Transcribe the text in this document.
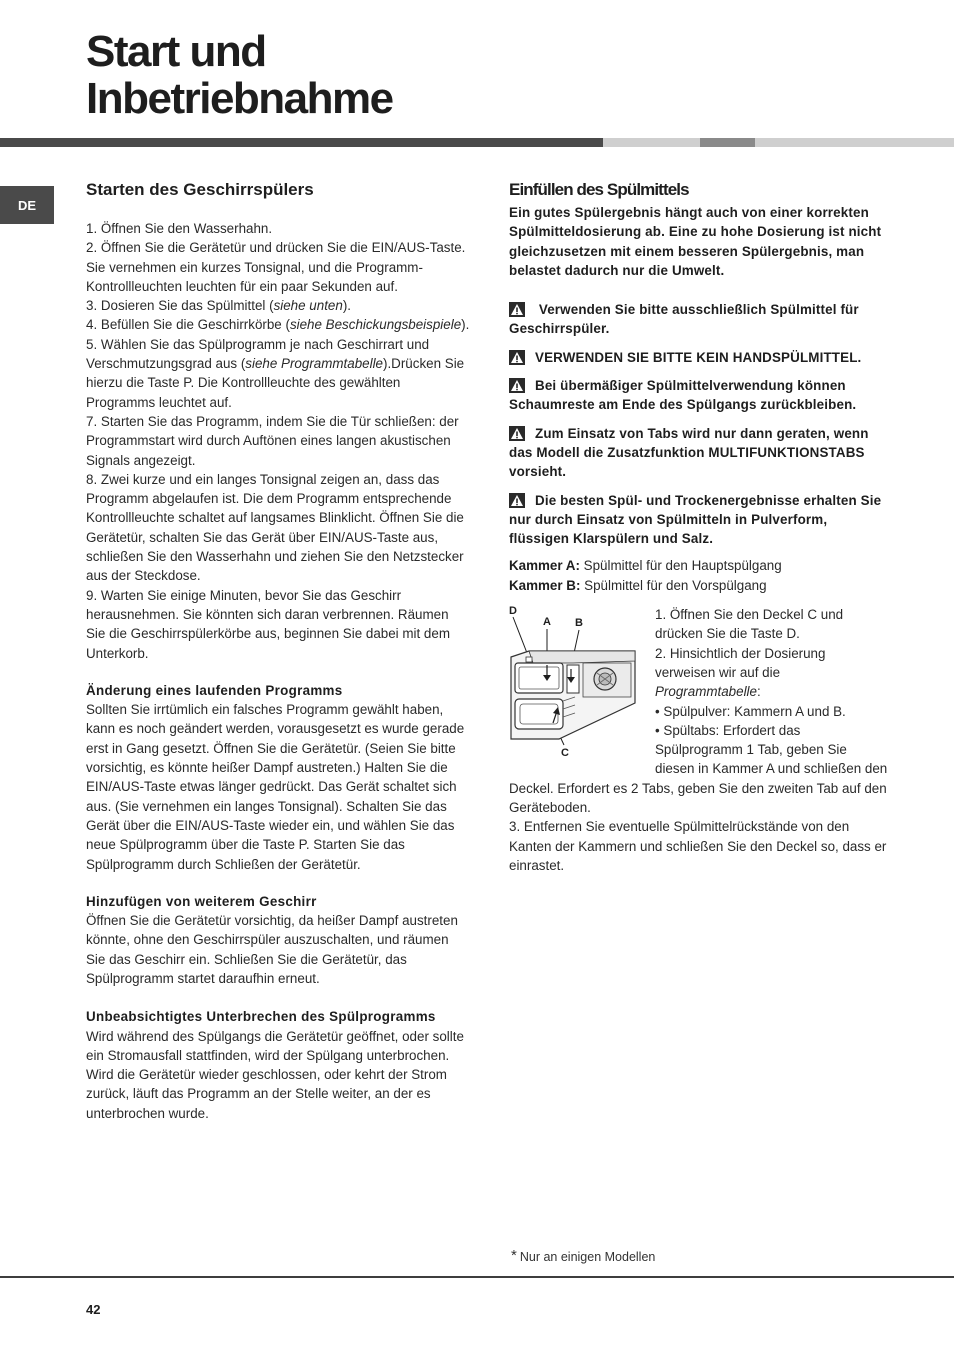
Start und
Inbetriebnahme
DE
Starten des Geschirrspülers

1. Öffnen Sie den Wasserhahn.

2. Öffnen Sie die Gerätetür und drücken Sie die EIN/AUS-Taste. Sie vernehmen ein kurzes Tonsignal, und die Programm-Kontrollleuchten leuchten für ein paar Sekunden auf.

3. Dosieren Sie das Spülmittel (siehe unten).

4. Befüllen Sie die Geschirrkörbe (siehe Beschickungsbeispiele).

5. Wählen Sie das Spülprogramm je nach Geschirrart und Verschmutzungsgrad aus (siehe Programmtabelle).Drücken Sie hierzu die Taste P. Die Kontrollleuchte des gewählten Programms leuchtet auf.

7. Starten Sie das Programm, indem Sie die Tür schließen: der Programmstart wird durch Auftönen eines langen akustischen Signals angezeigt.

8. Zwei kurze und ein langes Tonsignal zeigen an, dass das Programm abgelaufen ist. Die dem Programm entsprechende Kontrollleuchte schaltet auf langsames Blinklicht. Öffnen Sie die Gerätetür, schalten Sie das Gerät über EIN/AUS-Taste aus, schließen Sie den Wasserhahn und ziehen Sie den Netzstecker aus der Steckdose.

9. Warten Sie einige Minuten, bevor Sie das Geschirr herausnehmen. Sie könnten sich daran verbrennen. Räumen Sie die Geschirrspülerkörbe aus, beginnen Sie dabei mit dem Unterkorb.

Änderung eines laufenden Programms

Sollten Sie irrtümlich ein falsches Programm gewählt haben, kann es noch geändert werden, vorausgesetzt es wurde gerade erst in Gang gesetzt. Öffnen Sie die Gerätetür. (Seien Sie bitte vorsichtig, es könnte heißer Dampf austreten.) Halten Sie die EIN/AUS-Taste etwas länger gedrückt. Das Gerät schaltet sich aus. (Sie vernehmen ein langes Tonsignal). Schalten Sie das Gerät über die EIN/AUS-Taste wieder ein, und wählen Sie das neue Spülprogramm über die Taste P. Starten Sie das Spülprogramm durch Schließen der Gerätetür.

Hinzufügen von weiterem Geschirr

Öffnen Sie die Gerätetür vorsichtig, da heißer Dampf austreten könnte, ohne den Geschirrspüler auszuschalten, und räumen Sie das Geschirr ein. Schließen Sie die Gerätetür, das Spülprogramm startet daraufhin erneut.

Unbeabsichtigtes Unterbrechen des Spülprogramms

Wird während des Spülgangs die Gerätetür geöffnet, oder sollte ein Stromausfall stattfinden, wird der Spülgang unterbrochen. Wird die Gerätetür wieder geschlossen, oder kehrt der Strom zurück, läuft das Programm an der Stelle weiter, an der es unterbrochen wurde.

Einfüllen des Spülmittels

Ein gutes Spülergebnis hängt auch von einer korrekten Spülmitteldosierung ab. Eine zu hohe Dosierung ist nicht gleichzusetzen mit einem besseren Spülergebnis, man belastet dadurch nur die Umwelt.

Verwenden Sie bitte ausschließlich Spülmittel für Geschirrspüler.

VERWENDEN SIE BITTE KEIN HANDSPÜLMITTEL.

Bei übermäßiger Spülmittelverwendung können Schaumreste am Ende des Spülgangs zurückbleiben.

Zum Einsatz von Tabs wird nur dann geraten, wenn das Modell die Zusatzfunktion MULTIFUNKTIONSTABS vorsieht.

Die besten Spül- und Trockenergebnisse erhalten Sie nur durch Einsatz von Spülmitteln in Pulverform, flüssigen Klarspülern und Salz.

Kammer A: Spülmittel für den Hauptspülgang

Kammer B: Spülmittel für den Vorspülgang

D
A B
C

1. Öffnen Sie den Deckel C und drücken Sie die Taste D.

2. Hinsichtlich der Dosierung verweisen wir auf die Programmtabelle:

• Spülpulver: Kammern A und B.

• Spültabs: Erfordert das Spülprogramm 1 Tab, geben Sie diesen in Kammer A und schließen den Deckel. Erfordert es 2 Tabs, geben Sie den zweiten Tab auf den Geräteboden.

3. Entfernen Sie eventuelle Spülmittelrückstände von den Kanten der Kammern und schließen Sie den Deckel so, dass er einrastet.

* Nur an einigen Modellen
42
